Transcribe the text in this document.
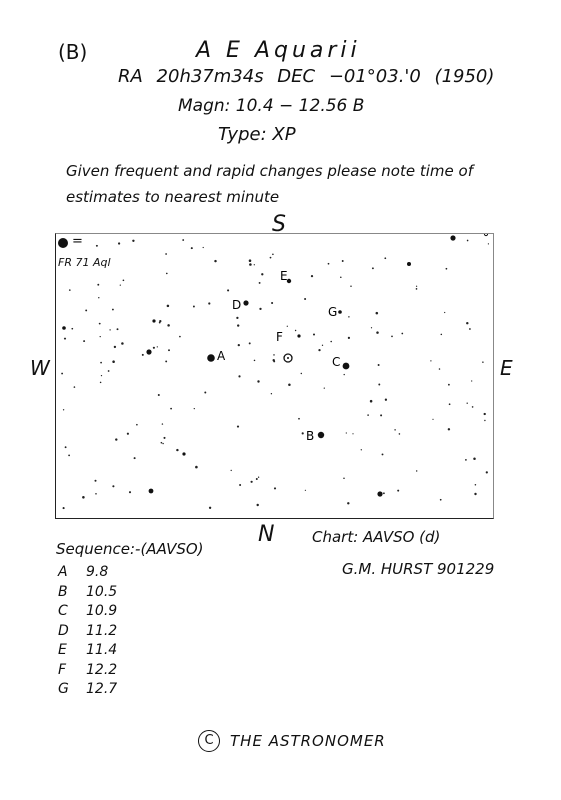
(B)	A E Aquarii
RA 20h37m34s DEC −01°03.'0 (1950)
Magn: 10.4 − 12.56 B
Type: XP
Given frequent and rapid changes please note time of
estimates to nearest minute
S
N
W	E
A
B
C
D
E
F
G
=
FR 71 Aql
Chart: AAVSO (d)
G.M. HURST 901229
Sequence:-(AAVSO)
A 9.8
B 10.5
C 10.9
D 11.2
E 11.4
F 12.2
G 12.7
C	THE ASTRONOMER
